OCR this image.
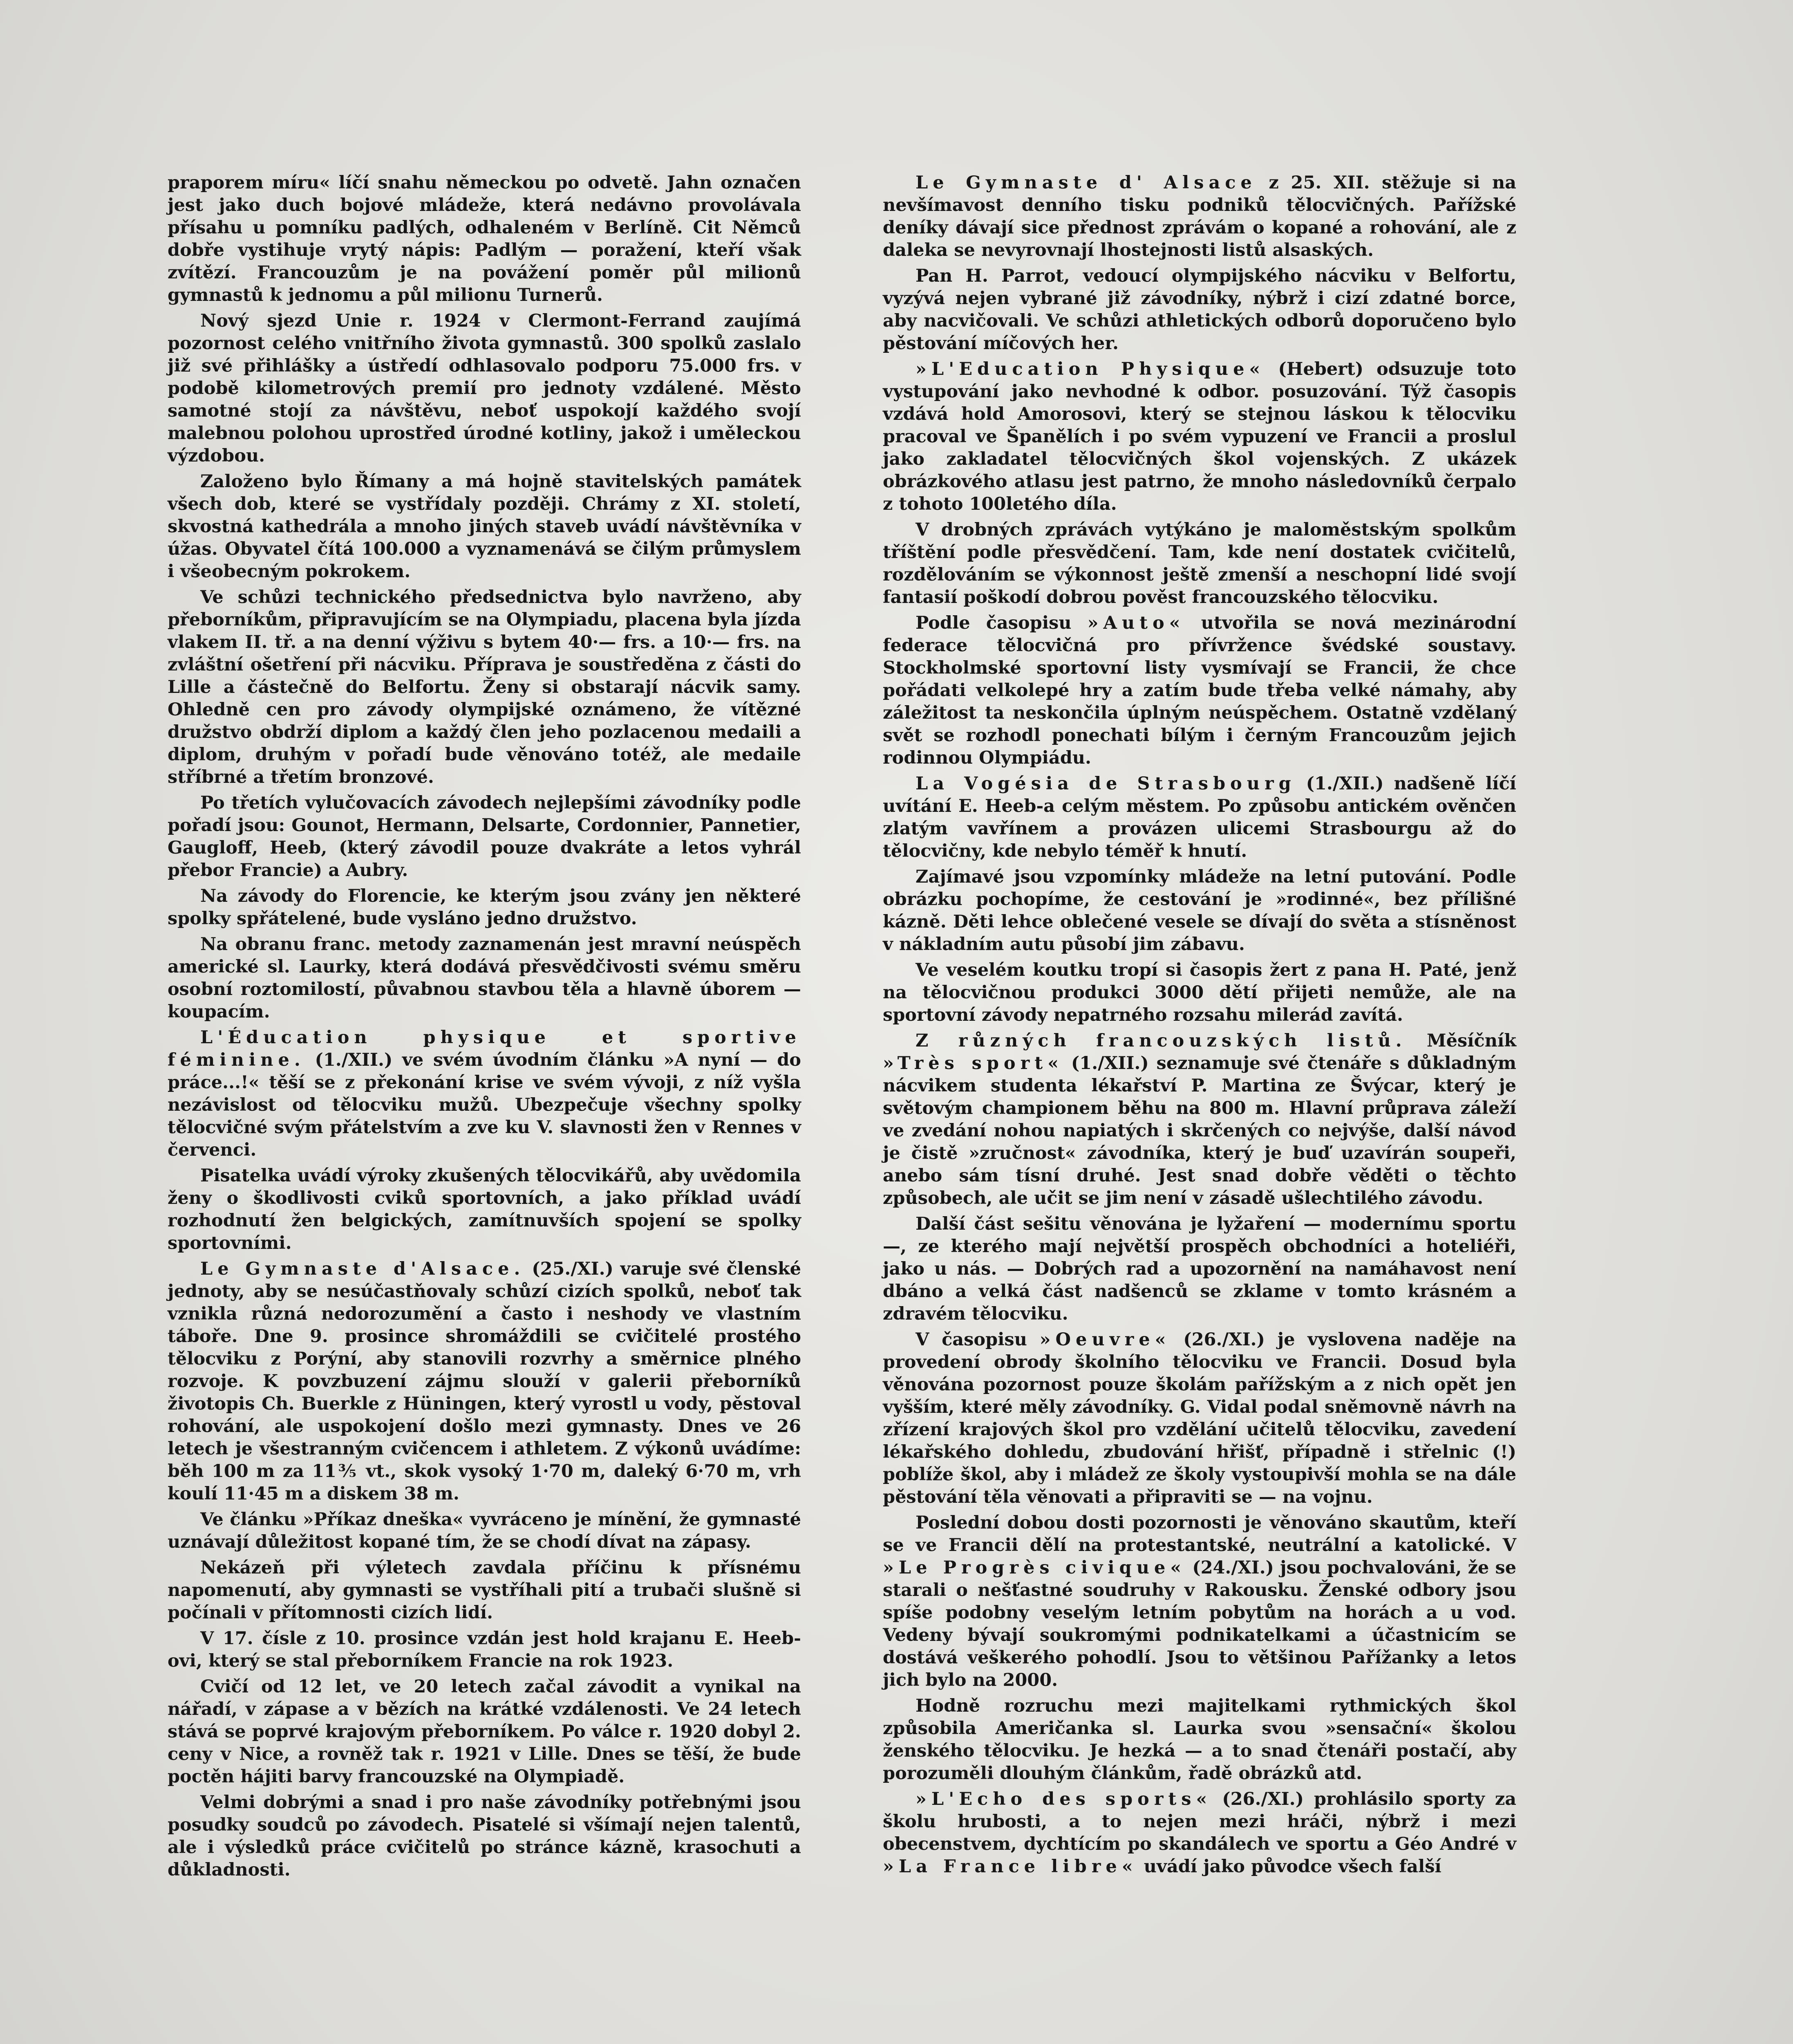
praporem míru« líčí snahu německou po odvetě. Jahn označen jest jako duch bojové mládeže, která nedávno provolávala přísahu u pomníku padlých, odhaleném v Berlíně. Cit Němců dobře vystihuje vrytý nápis: Padlým — poražení, kteří však zvítězí. Francouzům je na povážení poměr půl milionů gymnastů k jednomu a půl milionu Turnerů.

Nový sjezd Unie r. 1924 v Clermont-Ferrand zaujímá pozornost celého vnitřního života gymnastů. 300 spolků zaslalo již své přihlášky a ústředí odhlasovalo podporu 75.000 frs. v podobě kilometrových premií pro jednoty vzdálené. Město samotné stojí za návštěvu, neboť uspokojí každého svojí malebnou polohou uprostřed úrodné kotliny, jakož i uměleckou výzdobou.

Založeno bylo Římany a má hojně stavitelských památek všech dob, které se vystřídaly později. Chrámy z XI. století, skvostná kathedrála a mnoho jiných staveb uvádí návštěvníka v úžas. Obyvatel čítá 100.000 a vyznamenává se čilým průmyslem i všeobecným pokrokem.

Ve schůzi technického předsednictva bylo navrženo, aby přeborníkům, připravujícím se na Olympiadu, placena byla jízda vlakem II. tř. a na denní výživu s bytem 40·— frs. a 10·— frs. na zvláštní ošetření při nácviku. Příprava je soustředěna z části do Lille a částečně do Belfortu. Ženy si obstarají nácvik samy. Ohledně cen pro závody olympijské oznámeno, že vítězné družstvo obdrží diplom a každý člen jeho pozlacenou medaili a diplom, druhým v pořadí bude věnováno totéž, ale medaile stříbrné a třetím bronzové.

Po třetích vylučovacích závodech nejlepšími závodníky podle pořadí jsou: Gounot, Hermann, Delsarte, Cordonnier, Pannetier, Gaugloff, Heeb, (který závodil pouze dvakráte a letos vyhrál přebor Francie) a Aubry.

Na závody do Florencie, ke kterým jsou zvány jen některé spolky spřátelené, bude vysláno jedno družstvo.

Na obranu franc. metody zaznamenán jest mravní neúspěch americké sl. Laurky, která dodává přesvědčivosti svému směru osobní roztomilostí, půvabnou stavbou těla a hlavně úborem — koupacím.

L'Éducation physique et sportive féminine. (1./XII.) ve svém úvodním článku »A nyní — do práce...!« těší se z překonání krise ve svém vývoji, z níž vyšla nezávislost od tělocviku mužů. Ubezpečuje všechny spolky tělocvičné svým přátelstvím a zve ku V. slavnosti žen v Rennes v červenci.

Pisatelka uvádí výroky zkušených tělocvikářů, aby uvědomila ženy o škodlivosti cviků sportovních, a jako příklad uvádí rozhodnutí žen belgických, zamítnuvších spojení se spolky sportovními.

Le Gymnaste d'Alsace. (25./XI.) varuje své členské jednoty, aby se nesúčastňovaly schůzí cizích spolků, neboť tak vznikla různá nedorozumění a často i neshody ve vlastním táboře. Dne 9. prosince shromáždili se cvičitelé prostého tělocviku z Porýní, aby stanovili rozvrhy a směrnice plného rozvoje. K povzbuzení zájmu slouží v galerii přeborníků životopis Ch. Buerkle z Hüningen, který vyrostl u vody, pěstoval rohování, ale uspokojení došlo mezi gymnasty. Dnes ve 26 letech je všestranným cvičencem i athletem. Z výkonů uvádíme: běh 100 m za 11⅗ vt., skok vysoký 1·70 m, daleký 6·70 m, vrh koulí 11·45 m a diskem 38 m.

Ve článku »Příkaz dneška« vyvráceno je mínění, že gymnasté uznávají důležitost kopané tím, že se chodí dívat na zápasy.

Nekázeň při výletech zavdala příčinu k přísnému napomenutí, aby gymnasti se vystříhali pití a trubači slušně si počínali v přítomnosti cizích lidí.

V 17. čísle z 10. prosince vzdán jest hold krajanu E. Heeb-ovi, který se stal přeborníkem Francie na rok 1923.

Cvičí od 12 let, ve 20 letech začal závodit a vynikal na nářadí, v zápase a v bězích na krátké vzdálenosti. Ve 24 letech stává se poprvé krajovým přeborníkem. Po válce r. 1920 dobyl 2. ceny v Nice, a rovněž tak r. 1921 v Lille. Dnes se těší, že bude poctěn hájiti barvy francouzské na Olympiadě.

Velmi dobrými a snad i pro naše závodníky potřebnými jsou posudky soudců po závodech. Pisatelé si všímají nejen talentů, ale i výsledků práce cvičitelů po stránce kázně, krasochuti a důkladnosti.

Le Gymnaste d' Alsace z 25. XII. stěžuje si na nevšímavost denního tisku podniků tělocvičných. Pařížské deníky dávají sice přednost zprávám o kopané a rohování, ale z daleka se nevyrovnají lhostejnosti listů alsaských.

Pan H. Parrot, vedoucí olympijského nácviku v Belfortu, vyzývá nejen vybrané již závodníky, nýbrž i cizí zdatné borce, aby nacvičovali. Ve schůzi athletických odborů doporučeno bylo pěstování míčových her.

»L'Education Physique« (Hebert) odsuzuje toto vystupování jako nevhodné k odbor. posuzování. Týž časopis vzdává hold Amorosovi, který se stejnou láskou k tělocviku pracoval ve Španělích i po svém vypuzení ve Francii a proslul jako zakladatel tělocvičných škol vojenských. Z ukázek obrázkového atlasu jest patrno, že mnoho následovníků čerpalo z tohoto 100letého díla.

V drobných zprávách vytýkáno je maloměstským spolkům tříštění podle přesvědčení. Tam, kde není dostatek cvičitelů, rozdělováním se výkonnost ještě zmenší a neschopní lidé svojí fantasií poškodí dobrou pověst francouzského tělocviku.

Podle časopisu »Auto« utvořila se nová mezinárodní federace tělocvičná pro přívržence švédské soustavy. Stockholmské sportovní listy vysmívají se Francii, že chce pořádati velkolepé hry a zatím bude třeba velké námahy, aby záležitost ta neskončila úplným neúspěchem. Ostatně vzdělaný svět se rozhodl ponechati bílým i černým Francouzům jejich rodinnou Olympiádu.

La Vogésia de Strasbourg (1./XII.) nadšeně líčí uvítání E. Heeb-a celým městem. Po způsobu antickém ověnčen zlatým vavřínem a provázen ulicemi Strasbourgu až do tělocvičny, kde nebylo téměř k hnutí.

Zajímavé jsou vzpomínky mládeže na letní putování. Podle obrázku pochopíme, že cestování je »rodinné«, bez přílišné kázně. Děti lehce oblečené vesele se dívají do světa a stísněnost v nákladním autu působí jim zábavu.

Ve veselém koutku tropí si časopis žert z pana H. Paté, jenž na tělocvičnou produkci 3000 dětí přijeti nemůže, ale na sportovní závody nepatrného rozsahu milerád zavítá.

Z různých francouzských listů. Měsíčník »Très sport« (1./XII.) seznamuje své čtenáře s důkladným nácvikem studenta lékařství P. Martina ze Švýcar, který je světovým championem běhu na 800 m. Hlavní průprava záleží ve zvedání nohou napiatých i skrčených co nejvýše, další návod je čistě »zručnost« závodníka, který je buď uzavírán soupeři, anebo sám tísní druhé. Jest snad dobře věděti o těchto způsobech, ale učit se jim není v zásadě ušlechtilého závodu.

Další část sešitu věnována je lyžaření — modernímu sportu —, ze kterého mají největší prospěch obchodníci a hoteliéři, jako u nás. — Dobrých rad a upozornění na namáhavost není dbáno a velká část nadšenců se zklame v tomto krásném a zdravém tělocviku.

V časopisu »Oeuvre« (26./XI.) je vyslovena naděje na provedení obrody školního tělocviku ve Francii. Dosud byla věnována pozornost pouze školám pařížským a z nich opět jen vyšším, které měly závodníky. G. Vidal podal sněmovně návrh na zřízení krajových škol pro vzdělání učitelů tělocviku, zavedení lékařského dohledu, zbudování hřišť, případně i střelnic (!) poblíže škol, aby i mládež ze školy vystoupivší mohla se na dále pěstování těla věnovati a připraviti se — na vojnu.

Poslední dobou dosti pozornosti je věnováno skautům, kteří se ve Francii dělí na protestantské, neutrální a katolické. V »Le Progrès civique« (24./XI.) jsou pochvalováni, že se starali o nešťastné soudruhy v Rakousku. Ženské odbory jsou spíše podobny veselým letním pobytům na horách a u vod. Vedeny bývají soukromými podnikatelkami a účastnicím se dostává veškerého pohodlí. Jsou to většinou Pařížanky a letos jich bylo na 2000.

Hodně rozruchu mezi majitelkami rythmických škol způsobila Američanka sl. Laurka svou »sensační« školou ženského tělocviku. Je hezká — a to snad čtenáři postačí, aby porozuměli dlouhým článkům, řadě obrázků atd.

»L'Echo des sports« (26./XI.) prohlásilo sporty za školu hrubosti, a to nejen mezi hráči, nýbrž i mezi obecenstvem, dychtícím po skandálech ve sportu a Géo André v »La France libre« uvádí jako původce všech falší
